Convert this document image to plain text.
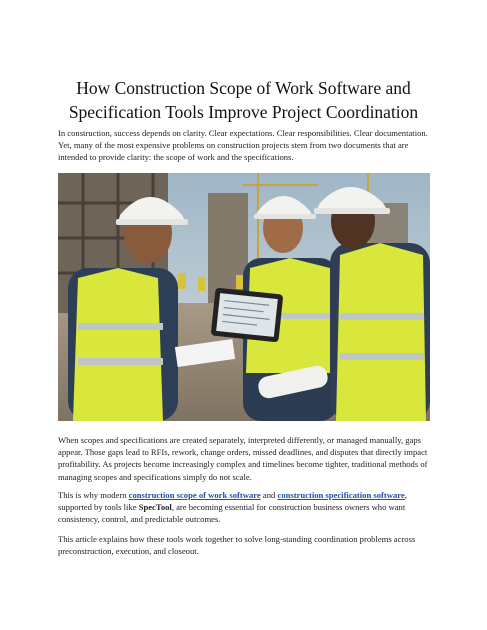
How Construction Scope of Work Software and Specification Tools Improve Project Coordination
In construction, success depends on clarity. Clear expectations. Clear responsibilities. Clear documentation. Yet, many of the most expensive problems on construction projects stem from two documents that are intended to provide clarity: the scope of work and the specifications.
When scopes and specifications are created separately, interpreted differently, or managed manually, gaps appear. Those gaps lead to RFIs, rework, change orders, missed deadlines, and disputes that directly impact profitability. As projects become increasingly complex and timelines become tighter, traditional methods of managing scopes and specifications simply do not scale.
This is why modern construction scope of work software and construction specification software, supported by tools like SpecTool, are becoming essential for construction business owners who want consistency, control, and predictable outcomes.
This article explains how these tools work together to solve long-standing coordination problems across preconstruction, execution, and closeout.
